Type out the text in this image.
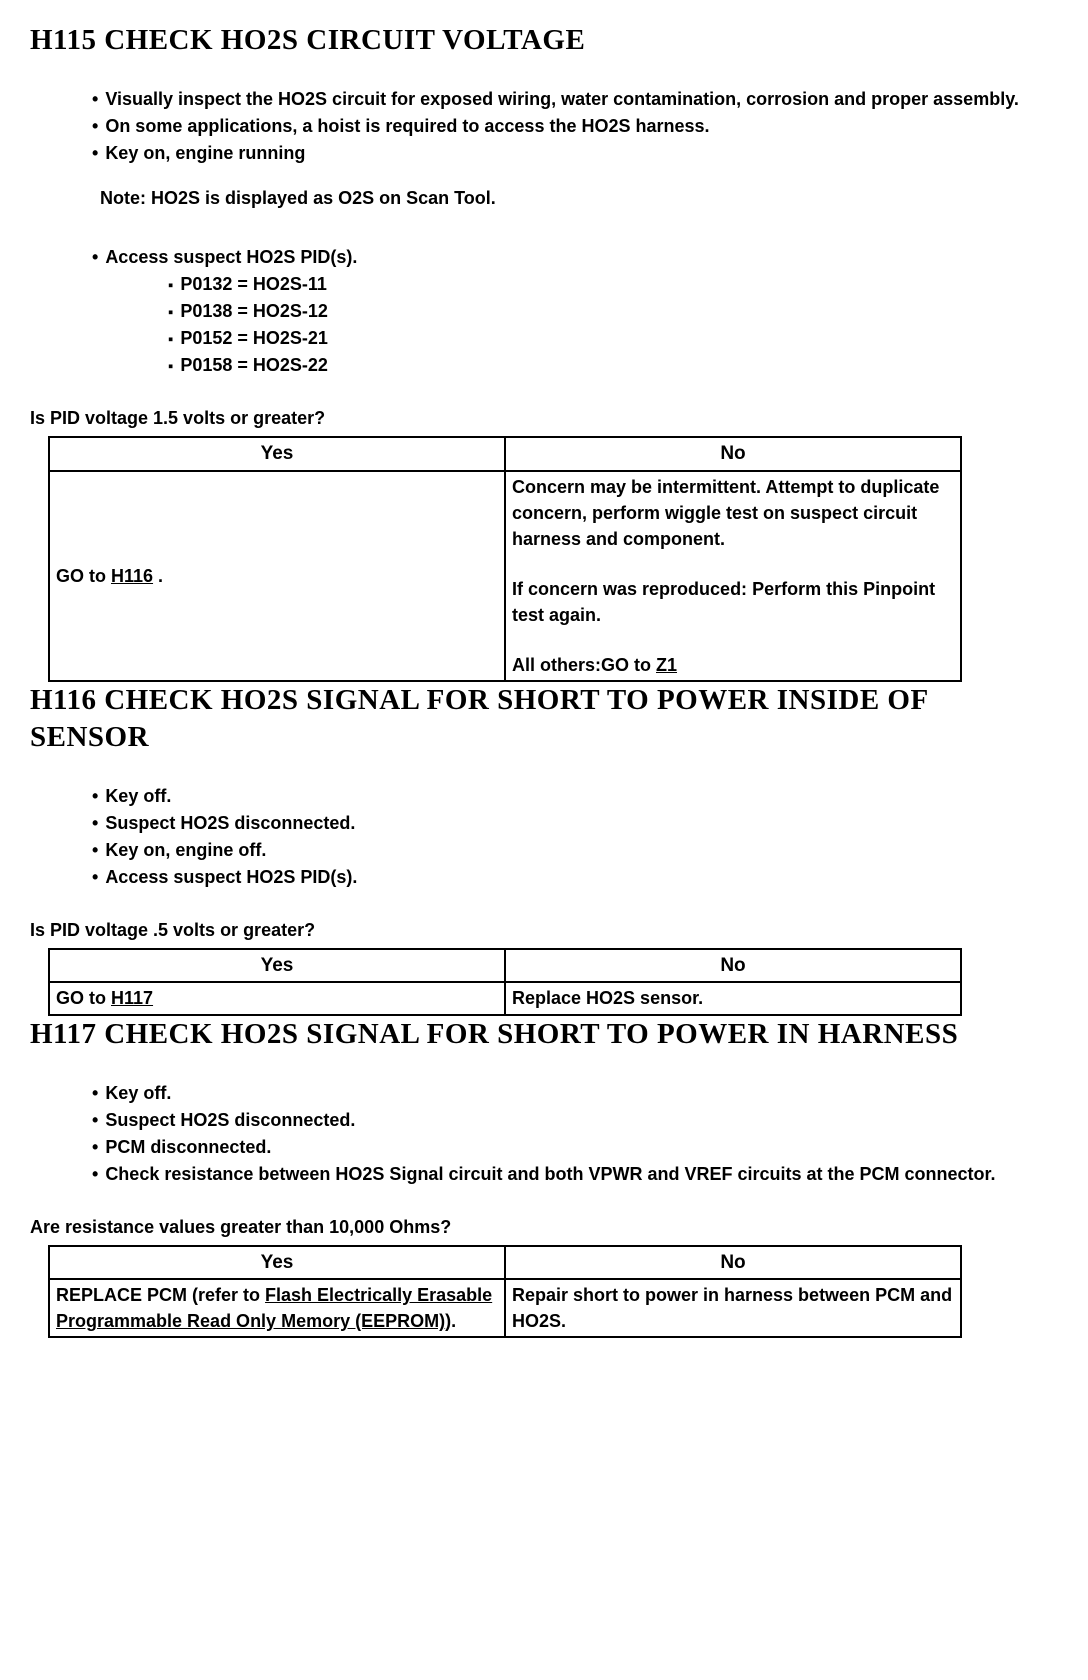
H115 CHECK HO2S CIRCUIT VOLTAGE
• Visually inspect the HO2S circuit for exposed wiring, water contamination, corrosion and proper assembly.
• On some applications, a hoist is required to access the HO2S harness.
• Key on, engine running

Note: HO2S is displayed as O2S on Scan Tool.

• Access suspect HO2S PID(s).
▪ P0132 = HO2S-11
▪ P0138 = HO2S-12
▪ P0152 = HO2S-21
▪ P0158 = HO2S-22

Is PID voltage 1.5 volts or greater?

Yes	No

GO to H116 .	Concern may be intermittent. Attempt to duplicate concern, perform wiggle test on suspect circuit harness and component.

If concern was reproduced: Perform this Pinpoint test again.

All others:GO to Z1

H116 CHECK HO2S SIGNAL FOR SHORT TO POWER INSIDE OF SENSOR
• Key off.
• Suspect HO2S disconnected.
• Key on, engine off.
• Access suspect HO2S PID(s).

Is PID voltage .5 volts or greater?

Yes	No

GO to H117	Replace HO2S sensor.

H117 CHECK HO2S SIGNAL FOR SHORT TO POWER IN HARNESS
• Key off.
• Suspect HO2S disconnected.
• PCM disconnected.
• Check resistance between HO2S Signal circuit and both VPWR and VREF circuits at the PCM connector.

Are resistance values greater than 10,000 Ohms?

Yes	No

REPLACE PCM (refer to Flash Electrically Erasable Programmable Read Only Memory (EEPROM)).	Repair short to power in harness between PCM and HO2S.
